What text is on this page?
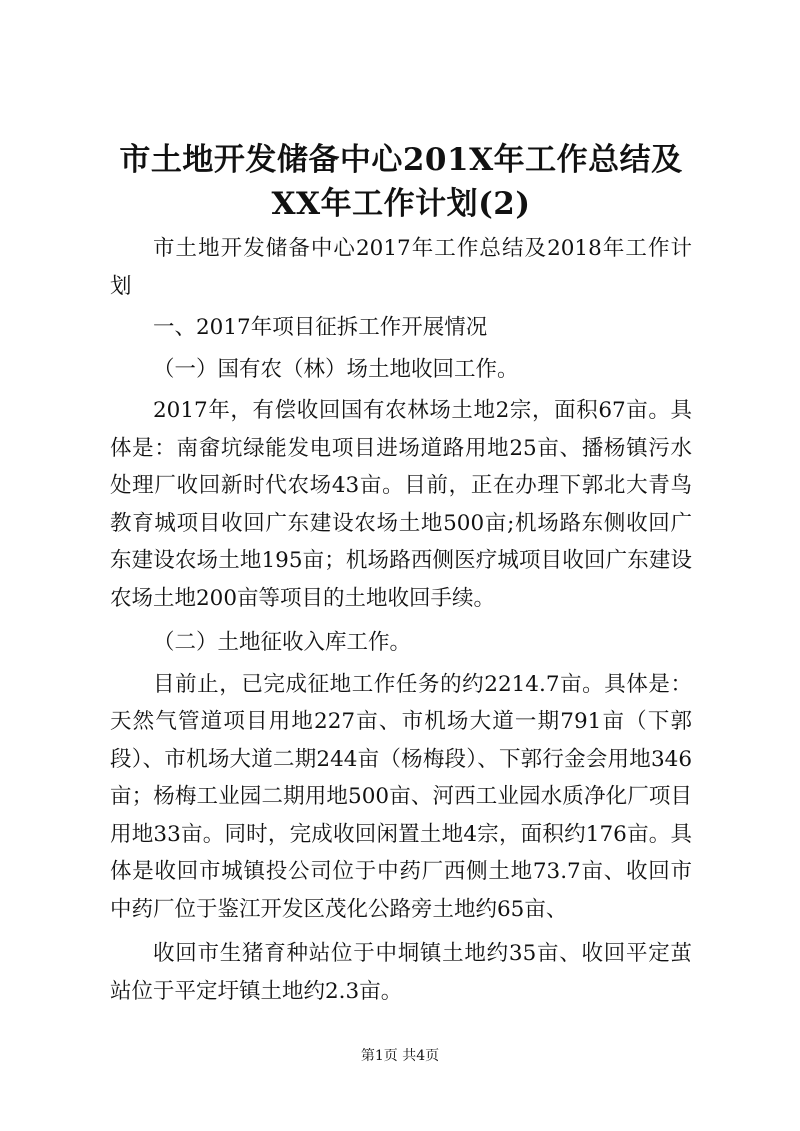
市土地开发储备中心201X年工作总结及XX年工作计划(2)

市土地开发储备中心2017年工作总结及2018年工作计划

一、2017年项目征拆工作开展情况

（一）国有农（林）场土地收回工作。

2017年，有偿收回国有农林场土地2宗，面积67亩。具体是：南畲坑绿能发电项目进场道路用地25亩、播杨镇污水处理厂收回新时代农场43亩。目前，正在办理下郭北大青鸟教育城项目收回广东建设农场土地500亩;机场路东侧收回广东建设农场土地195亩；机场路西侧医疗城项目收回广东建设农场土地200亩等项目的土地收回手续。

（二）土地征收入库工作。

目前止，已完成征地工作任务的约2214.7亩。具体是：天然气管道项目用地227亩、市机场大道一期791亩（下郭段）、市机场大道二期244亩（杨梅段）、下郭行金会用地346亩；杨梅工业园二期用地500亩、河西工业园水质净化厂项目用地33亩。同时，完成收回闲置土地4宗，面积约176亩。具体是收回市城镇投公司位于中药厂西侧土地73.7亩、收回市中药厂位于鉴江开发区茂化公路旁土地约65亩、

收回市生猪育种站位于中垌镇土地约35亩、收回平定茧站位于平定圩镇土地约2.3亩。

第1页 共4页
